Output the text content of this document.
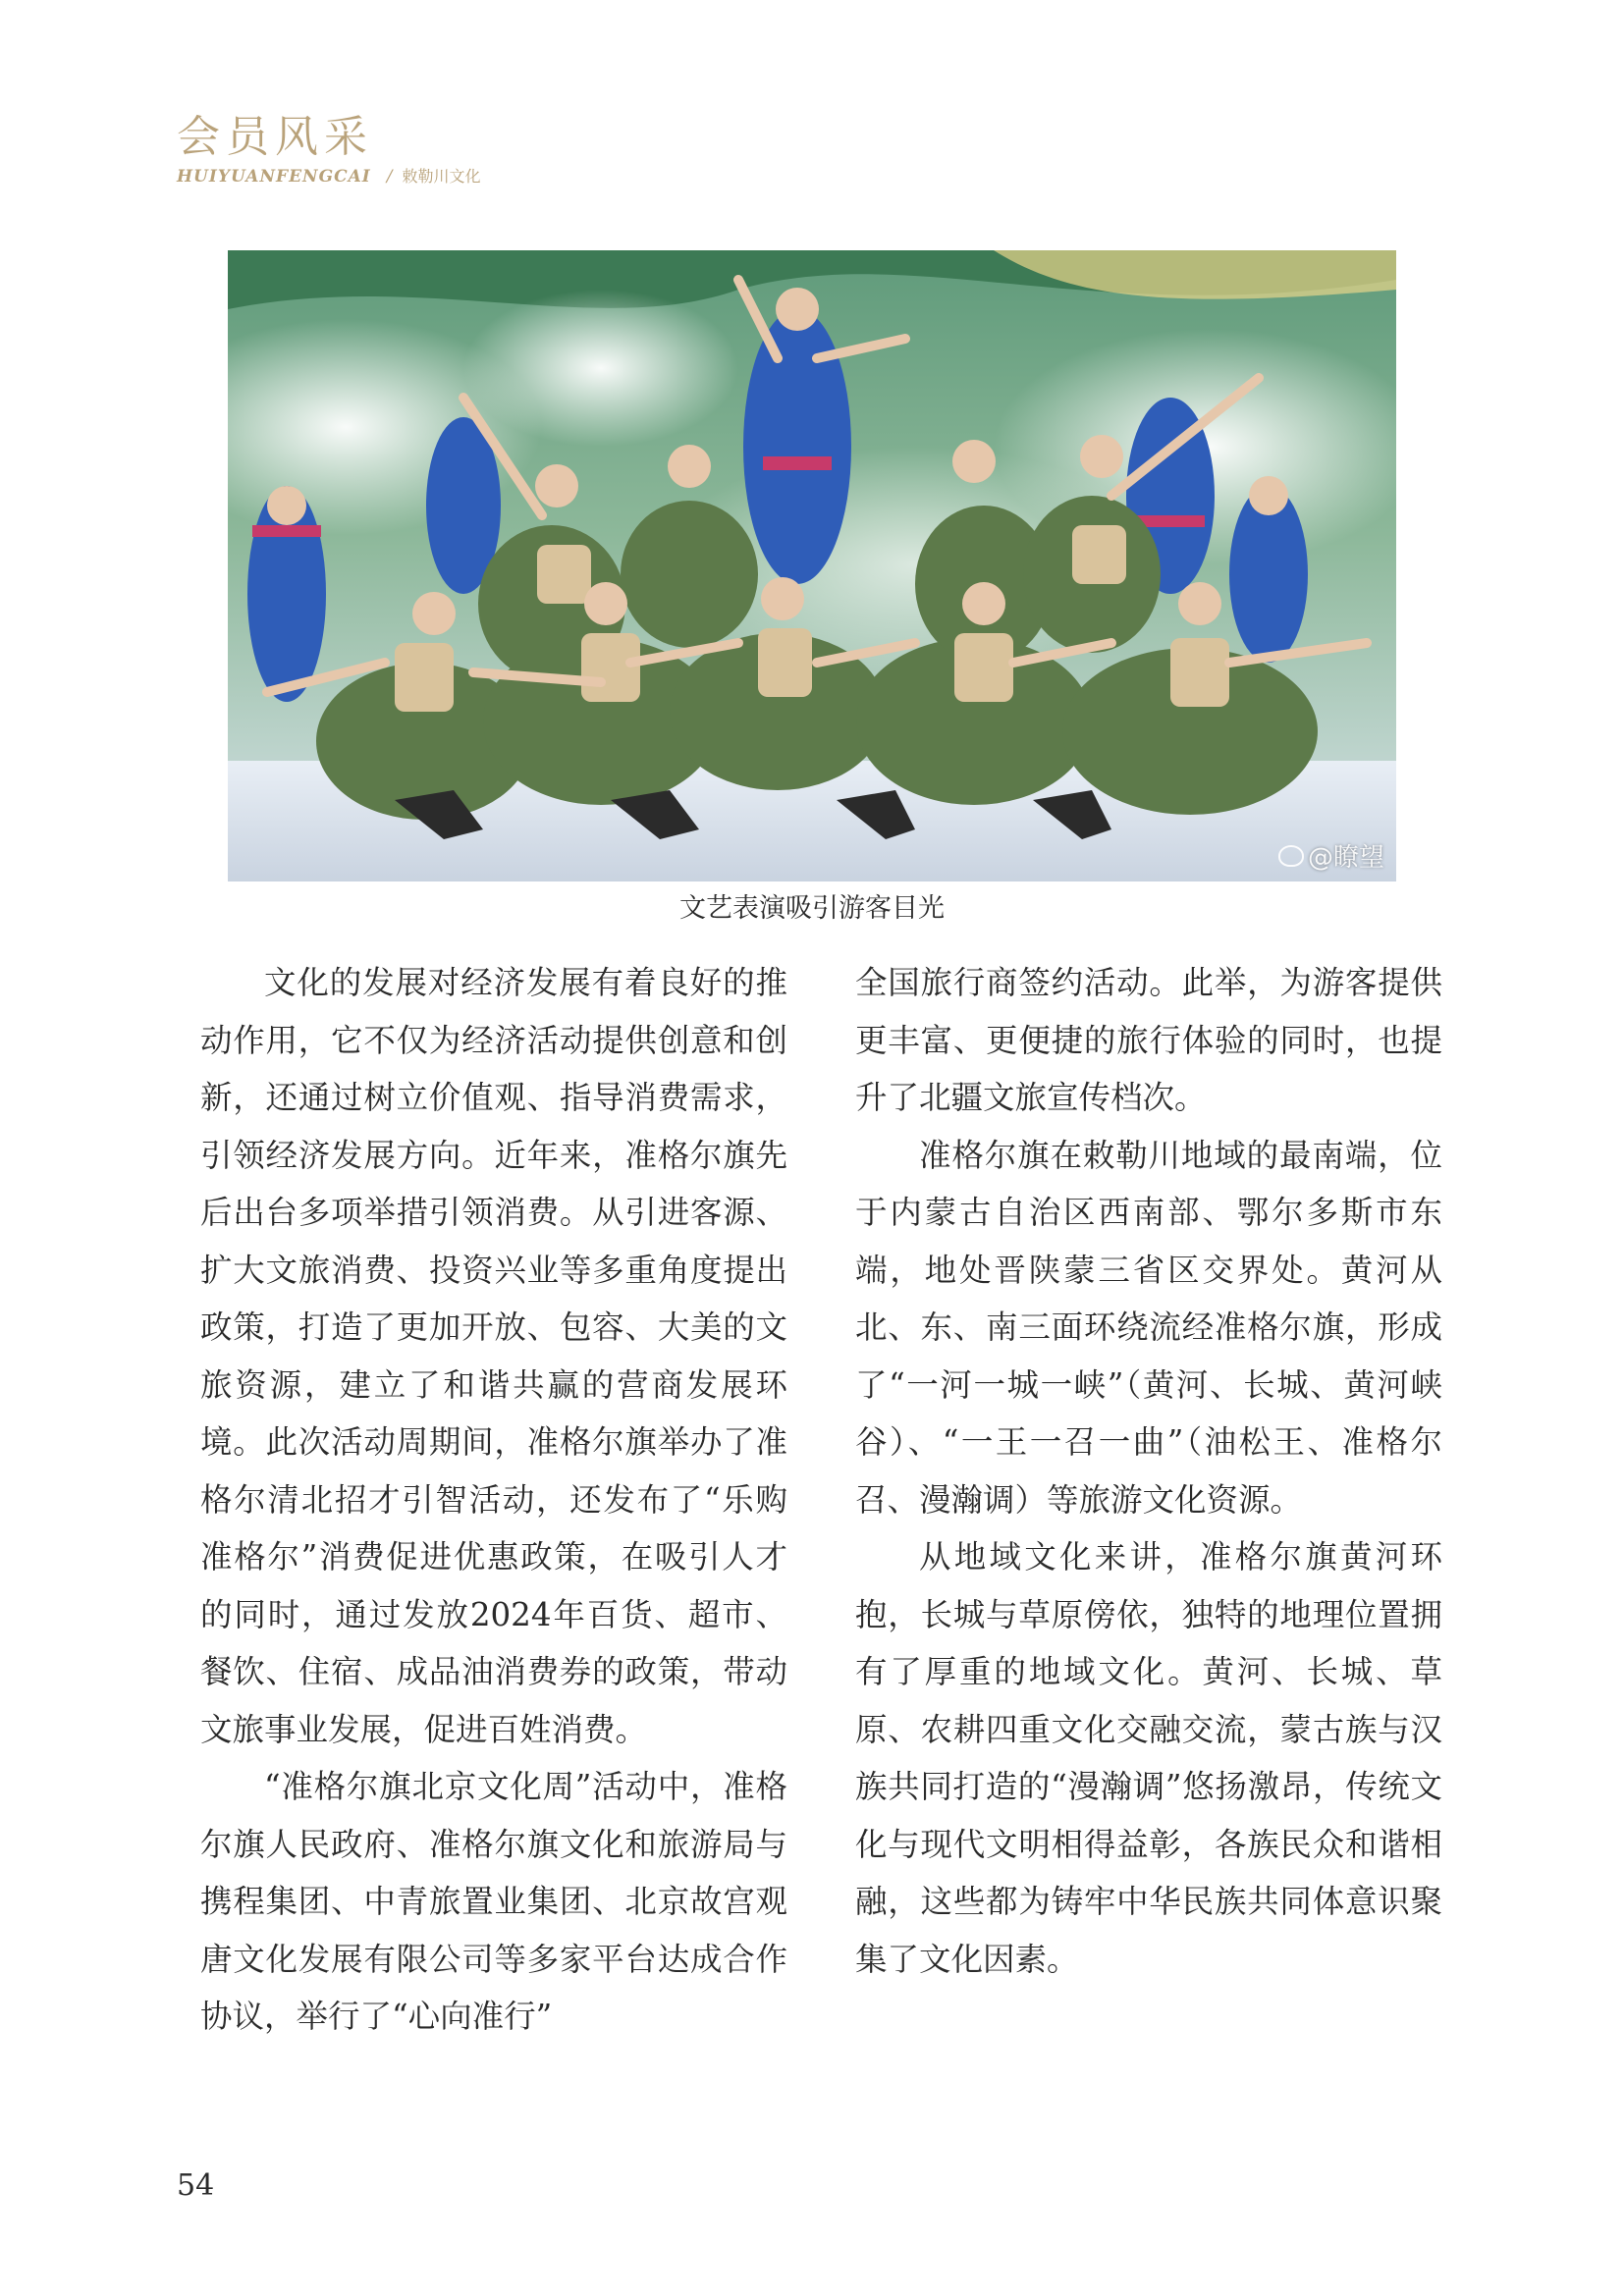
会员风采
HUIYUANFENGCAI / 敕勒川文化
@瞭望
文艺表演吸引游客目光

文化的发展对经济发展有着良好的推动作用，它不仅为经济活动提供创意和创新，还通过树立价值观、指导消费需求，引领经济发展方向。近年来，准格尔旗先后出台多项举措引领消费。从引进客源、扩大文旅消费、投资兴业等多重角度提出政策，打造了更加开放、包容、大美的文旅资源，建立了和谐共赢的营商发展环境。此次活动周期间，准格尔旗举办了准格尔清北招才引智活动，还发布了“乐购准格尔”消费促进优惠政策，在吸引人才的同时，通过发放2024年百货、超市、餐饮、住宿、成品油消费券的政策，带动文旅事业发展，促进百姓消费。

“准格尔旗北京文化周”活动中，准格尔旗人民政府、准格尔旗文化和旅游局与携程集团、中青旅置业集团、北京故宫观唐文化发展有限公司等多家平台达成合作协议，举行了“心向准行”

全国旅行商签约活动。此举，为游客提供更丰富、更便捷的旅行体验的同时，也提升了北疆文旅宣传档次。

准格尔旗在敕勒川地域的最南端，位于内蒙古自治区西南部、鄂尔多斯市东端，地处晋陕蒙三省区交界处。黄河从北、东、南三面环绕流经准格尔旗，形成了“一河一城一峡”（黄河、长城、黄河峡谷）、“一王一召一曲”（油松王、准格尔召、漫瀚调）等旅游文化资源。

从地域文化来讲，准格尔旗黄河环抱，长城与草原傍依，独特的地理位置拥有了厚重的地域文化。黄河、长城、草原、农耕四重文化交融交流，蒙古族与汉族共同打造的“漫瀚调”悠扬激昂，传统文化与现代文明相得益彰，各族民众和谐相融，这些都为铸牢中华民族共同体意识聚集了文化因素。

54
